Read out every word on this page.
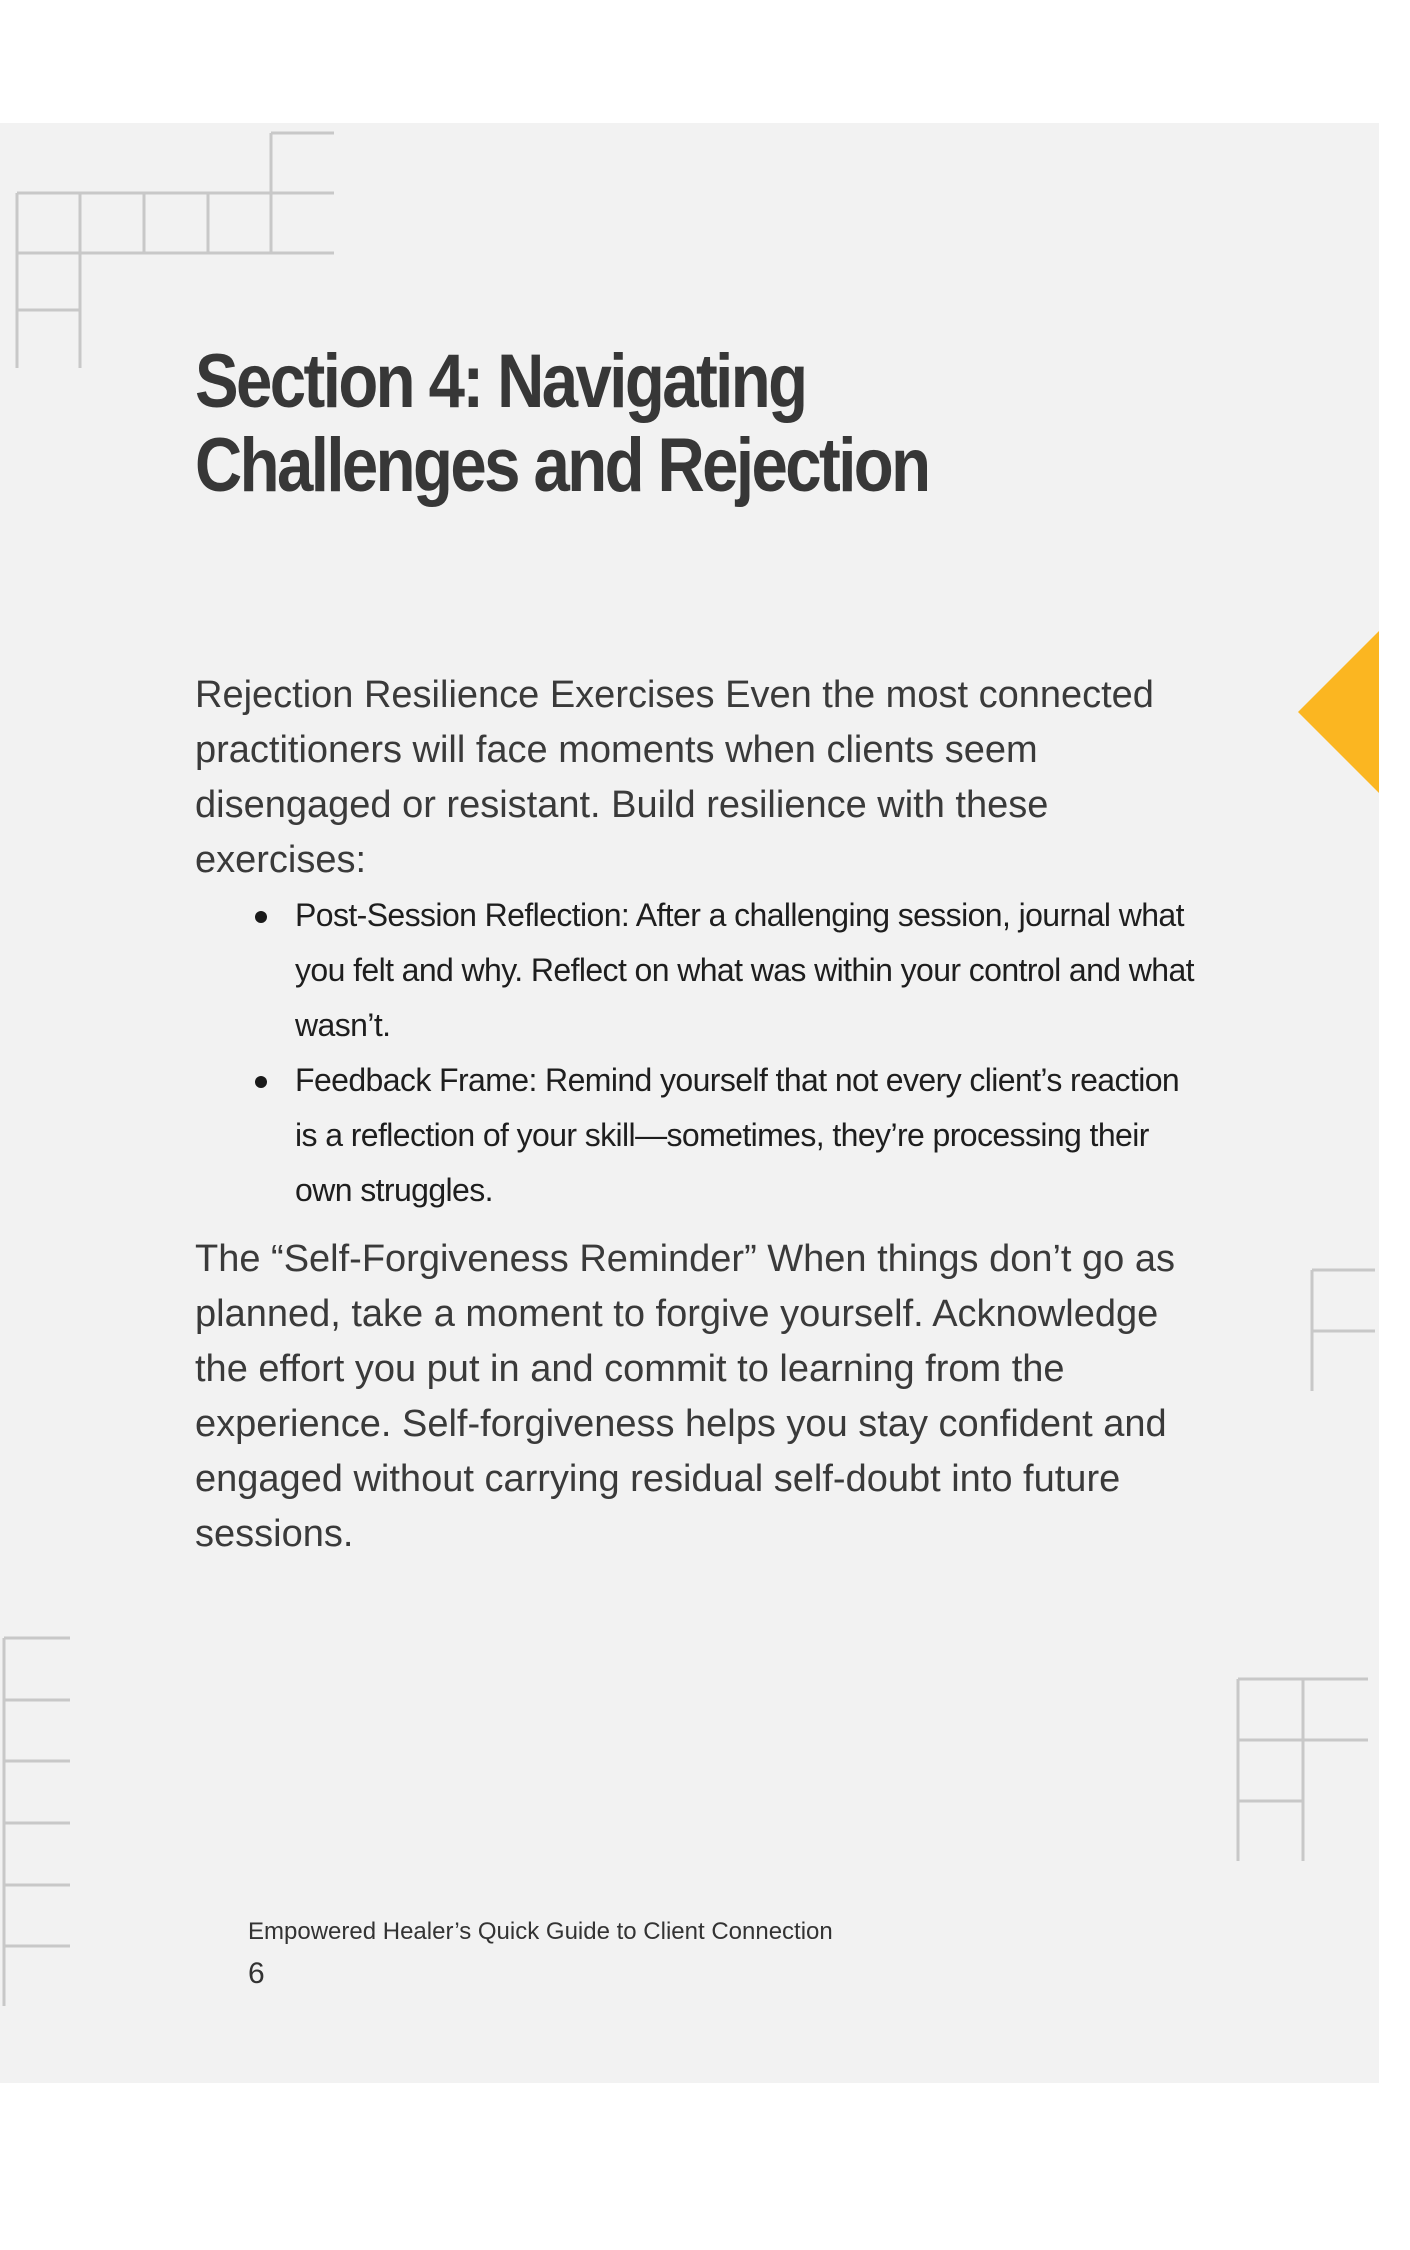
Section 4: Navigating Challenges and Rejection

Rejection Resilience Exercises Even the most connected practitioners will face moments when clients seem disengaged or resistant. Build resilience with these exercises:

Post-Session Reflection: After a challenging session, journal what you felt and why. Reflect on what was within your control and what wasn’t.
Feedback Frame: Remind yourself that not every client’s reaction is a reflection of your skill—sometimes, they’re processing their own struggles.

The “Self-Forgiveness Reminder” When things don’t go as planned, take a moment to forgive yourself. Acknowledge the effort you put in and commit to learning from the experience. Self-forgiveness helps you stay confident and engaged without carrying residual self-doubt into future sessions.

Empowered Healer’s Quick Guide to Client Connection
6
